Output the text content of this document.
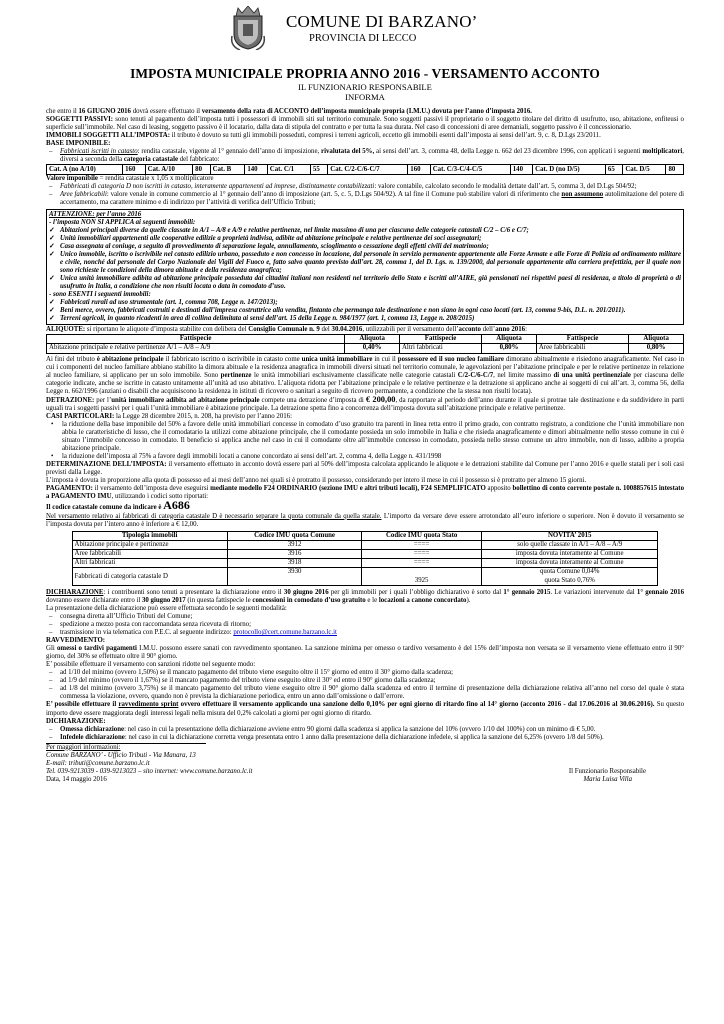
COMUNE DI BARZANO’
PROVINCIA DI LECCO
IMPOSTA MUNICIPALE PROPRIA ANNO 2016 - VERSAMENTO ACCONTO
IL FUNZIONARIO RESPONSABILE
INFORMA

che entro il 16 GIUGNO 2016 dovrà essere effettuato il versamento della rata di ACCONTO dell’imposta municipale propria (I.M.U.) dovuta per l’anno d’imposta 2016.

SOGGETTI PASSIVI: sono tenuti al pagamento dell’imposta tutti i possessori di immobili siti sul territorio comunale. Sono soggetti passivi il proprietario o il soggetto titolare del diritto di usufrutto, uso, abitazione, enfiteusi o superficie sull’immobile. Nel caso di leasing, soggetto passivo è il locatario, dalla data di stipula del contratto e per tutta la sua durata. Nel caso di concessioni di aree demaniali, soggetto passivo è il concessionario.

IMMOBILI SOGGETTI ALL’IMPOSTA: il tributo è dovuto su tutti gli immobili posseduti, compresi i terreni agricoli, eccetto gli immobili esenti dall’imposta ai sensi dell’art. 9, c. 8, D.Lgs 23/2011.

BASE IMPONIBILE:

– Fabbricati iscritti in catasto: rendita catastale, vigente al 1° gennaio dell’anno di imposizione, rivalutata del 5%, ai sensi dell’art. 3, comma 48, della Legge n. 662 del 23 dicembre 1996, con applicati i seguenti moltiplicatori, diversi a seconda della categoria catastale del fabbricato:

Cat. A (no A/10)	160	Cat. A/10	80	Cat. B	140	Cat. C/1	55	Cat. C/2-C/6-C/7	160	Cat. C/3-C/4-C/5	140	Cat. D (no D/5)	65	Cat. D/5	80

Valore imponibile = rendita catastale x 1,05 x moltiplicatore

– Fabbricati di categoria D non iscritti in catasto, interamente appartenenti ad imprese, distintamente contabilizzati: valore contabile, calcolato secondo le modalità dettate dall’art. 5, comma 3, del D.Lgs 504/92;

– Aree fabbricabili: valore venale in comune commercio al 1° gennaio dell’anno di imposizione (art. 5, c. 5, D.Lgs 504/92). A tal fine il Comune può stabilire valori di riferimento che non assumono autolimitazione del potere di accertamento, ma carattere minimo e di indirizzo per l’attività di verifica dell’Ufficio Tributi;

ATTENZIONE: per l’anno 2016

- l’imposta NON SI APPLICA ai seguenti immobili:

✓ Abitazioni principali diverse da quelle classate in A/1 – A/8 e A/9 e relative pertinenze, nel limite massimo di una per ciascuna delle categorie catastali C/2 – C/6 e C/7;

✓ Unità immobiliari appartenenti alle cooperative edilizie a proprietà indivisa, adibite ad abitazione principale e relative pertinenze dei soci assegnatari;

✓ Casa assegnata al coniuge, a seguito di provvedimento di separazione legale, annullamento, scioglimento o cessazione degli effetti civili del matrimonio;

✓ Unico immobile, iscritto o iscrivibile nel catasto edilizio urbano, posseduto e non concesso in locazione, dal personale in servizio permanente appartenente alle Forze Armate e alle Forze di Polizia ad ordinamento militare e civile, nonché dal personale del Corpo Nazionale dei Vigili del Fuoco e, fatto salvo quanto previsto dall’art. 28, comma 1, del D. Lgs. n. 139/2000, dal personale appartenente alla carriera prefettizia, per il quale non sono richieste le condizioni della dimora abituale e della residenza anagrafica;

✓ Unica unità immobiliare adibita ad abitazione principale posseduta dai cittadini italiani non residenti nel territorio dello Stato e iscritti all’AIRE, già pensionati nei rispettivi paesi di residenza, a titolo di proprietà o di usufrutto in Italia, a condizione che non risulti locata o data in comodato d’uso.

- sono ESENTI i seguenti immobili:

✓ Fabbricati rurali ad uso strumentale (art. 1, comma 708, Legge n. 147/2013);

✓ Beni merce, ovvero, fabbricati costruiti e destinati dall’impresa costruttrice alla vendita, fintanto che permanga tale destinazione e non siano in ogni caso locati (art. 13, comma 9-bis, D.L. n. 201/2011).

✓ Terreni agricoli, in quanto ricadenti in area di collina delimitata ai sensi dell’art. 15 della Legge n. 984/1977 (art. 1, comma 13, Legge n. 208/2015)

ALIQUOTE: si riportano le aliquote d’imposta stabilite con delibera del Consiglio Comunale n. 9 del 30.04.2016, utilizzabili per il versamento dell’acconto dell’anno 2016:

Fattispecie	Aliquota	Fattispecie	Aliquota	Fattispecie	Aliquota
Abitazione principale e relative pertinenze A/1 – A/8 – A/9	0,40%	Altri fabbricati	0,80%	Aree fabbricabili	0,80%

Ai fini del tributo è abitazione principale il fabbricato iscritto o iscrivibile in catasto come unica unità immobiliare in cui il possessore ed il suo nucleo familiare dimorano abitualmente e risiedono anagraficamente. Nel caso in cui i componenti del nucleo familiare abbiano stabilito la dimora abituale e la residenza anagrafica in immobili diversi situati nel territorio comunale, le agevolazioni per l’abitazione principale e per le relative pertinenze in relazione al nucleo familiare, si applicano per un solo immobile. Sono pertinenze le unità immobiliari esclusivamente classificate nelle categorie catastali C/2-C/6-C/7, nel limite massimo di una unità pertinenziale per ciascuna delle categorie indicate, anche se iscritte in catasto unitamente all’unità ad uso abitativo. L’aliquota ridotta per l’abitazione principale e le relative pertinenze e la detrazione si applicano anche ai soggetti di cui all’art. 3, comma 56, della Legge n. 662/1996 (anziani o disabili che acquisiscono la residenza in istituti di ricovero o sanitari a seguito di ricovero permanente, a condizione che la stessa non risulti locata).

DETRAZIONE: per l’unità immobiliare adibita ad abitazione principale compete una detrazione d’imposta di € 200,00, da rapportare al periodo dell’anno durante il quale si protrae tale destinazione e da suddividere in parti uguali tra i soggetti passivi per i quali l’unità immobiliare è abitazione principale. La detrazione spetta fino a concorrenza dell’imposta dovuta sull’abitazione principale e relative pertinenze.

CASI PARTICOLARI: la Legge 28 dicembre 2015, n. 208, ha previsto per l’anno 2016:

• la riduzione della base imponibile del 50% a favore delle unità immobiliari concesse in comodato d’uso gratuito tra parenti in linea retta entro il primo grado, con contratto registrato, a condizione che l’unità immobiliare non abbia le caratteristiche di lusso, che il comodatario la utilizzi come abitazione principale, che il comodante possieda un solo immobile in Italia e che risieda anagraficamente e dimori abitualmente nello stesso comune in cui è situato l’immobile concesso in comodato. Il beneficio si applica anche nel caso in cui il comodante oltre all’immobile concesso in comodato, possieda nello stesso comune un altro immobile, non di lusso, adibito a propria abitazione principale.

• la riduzione dell’imposta al 75% a favore degli immobili locati a canone concordato ai sensi dell’art. 2, comma 4, della Legge n. 431/1998

DETERMINAZIONE DELL’IMPOSTA: il versamento effettuato in acconto dovrà essere pari al 50% dell’imposta calcolata applicando le aliquote e le detrazioni stabilite dal Comune per l’anno 2016 e quelle statali per i soli casi previsti dalla Legge.

L’imposta è dovuta in proporzione alla quota di possesso ed ai mesi dell’anno nei quali si è protratto il possesso, considerando per intero il mese in cui il possesso si è protratto per almeno 15 giorni.

PAGAMENTO: il versamento dell’imposta deve eseguirsi mediante modello F24 ORDINARIO (sezione IMU e altri tributi locali), F24 SEMPLIFICATO apposito bollettino di conto corrente postale n. 1008857615 intestato a PAGAMENTO IMU, utilizzando i codici sotto riportati:

Il codice catastale comune da indicare è A686

Nel versamento relativo ai fabbricati di categoria catastale D è necessario separare la quota comunale da quella statale. L’importo da versare deve essere arrotondato all’euro inferiore o superiore. Non è dovuto il versamento se l’imposta dovuta per l’intero anno è inferiore a € 12,00.

Tipologia immobili	Codice IMU quota Comune	Codice IMU quota Stato	NOVITA’ 2015
Abitazione principale e pertinenze	3912	====	solo quelle classate in A/1 – A/8 – A/9
Aree fabbricabili	3916	====	imposta dovuta interamente al Comune
Altri fabbricati	3918	====	imposta dovuta interamente al Comune
Fabbricati di categoria catastale D	3930	3925	quota Comune 0,04%
quota Stato 0,76%

DICHIARAZIONE: i contribuenti sono tenuti a presentare la dichiarazione entro il 30 giugno 2016 per gli immobili per i quali l’obbligo dichiarativo è sorto dal 1° gennaio 2015. Le variazioni intervenute dal 1° gennaio 2016 dovranno essere dichiarate entro il 30 giugno 2017 (in questa fattispecie le concessioni in comodato d’uso gratuito e le locazioni a canone concordato).

La presentazione della dichiarazione può essere effettuata secondo le seguenti modalità:

– consegna diretta all’Ufficio Tributi del Comune;

– spedizione a mezzo posta con raccomandata senza ricevuta di ritorno;

– trasmissione in via telematica con P.E.C. al seguente indirizzo: protocollo@cert.comune.barzano.lc.it

RAVVEDIMENTO:

Gli omessi o tardivi pagamenti I.M.U. possono essere sanati con ravvedimento spontaneo. La sanzione minima per omesso o tardivo versamento è del 15% dell’imposta non versata se il versamento viene effettuato entro il 90° giorno, del 30% se effettuato oltre il 90° giorno.

E’ possibile effettuare il versamento con sanzioni ridotte nel seguente modo:

– ad 1/10 del minimo (ovvero 1,50%) se il mancato pagamento del tributo viene eseguito oltre il 15° giorno ed entro il 30° giorno dalla scadenza;

– ad 1/9 del minimo (ovvero il 1,67%) se il mancato pagamento del tributo viene eseguito oltre il 30° ed entro il 90° giorno dalla scadenza;

– ad 1/8 del minimo (ovvero 3,75%) se il mancato pagamento del tributo viene eseguito oltre il 90° giorno dalla scadenza ed entro il termine di presentazione della dichiarazione relativa all’anno nel corso del quale è stata commessa la violazione, ovvero, quando non è prevista la dichiarazione periodica, entro un anno dall’omissione o dall’errore.

E’ possibile effettuare il ravvedimento sprint ovvero effettuare il versamento applicando una sanzione dello 0,10% per ogni giorno di ritardo fino al 14° giorno (acconto 2016 - dal 17.06.2016 al 30.06.2016). Su questo importo deve essere maggiorata degli interessi legali nella misura del 0,2% calcolati a giorni per ogni giorno di ritardo.

DICHIARAZIONE:

– Omessa dichiarazione: nel caso in cui la presentazione della dichiarazione avviene entro 90 giorni dalla scadenza si applica la sanzione del 10% (ovvero 1/10 del 100%) con un minimo di € 5,00.

– Infedele dichiarazione: nel caso in cui la dichiarazione corretta venga presentata entro 1 anno dalla presentazione della dichiarazione infedele, si applica la sanzione del 6,25% (ovvero 1/8 del 50%).

Per maggiori informazioni:

Comune BARZANO’ - Ufficio Tributi - Via Manara, 13

E-mail: tributi@comune.barzano.lc.it

Tel. 039-9213039 - 039-9213023 – sito internet: www.comune.barzano.lc.it	Il Funzionario Responsabile
Data, 14 maggio 2016	Maria Luisa Villa
